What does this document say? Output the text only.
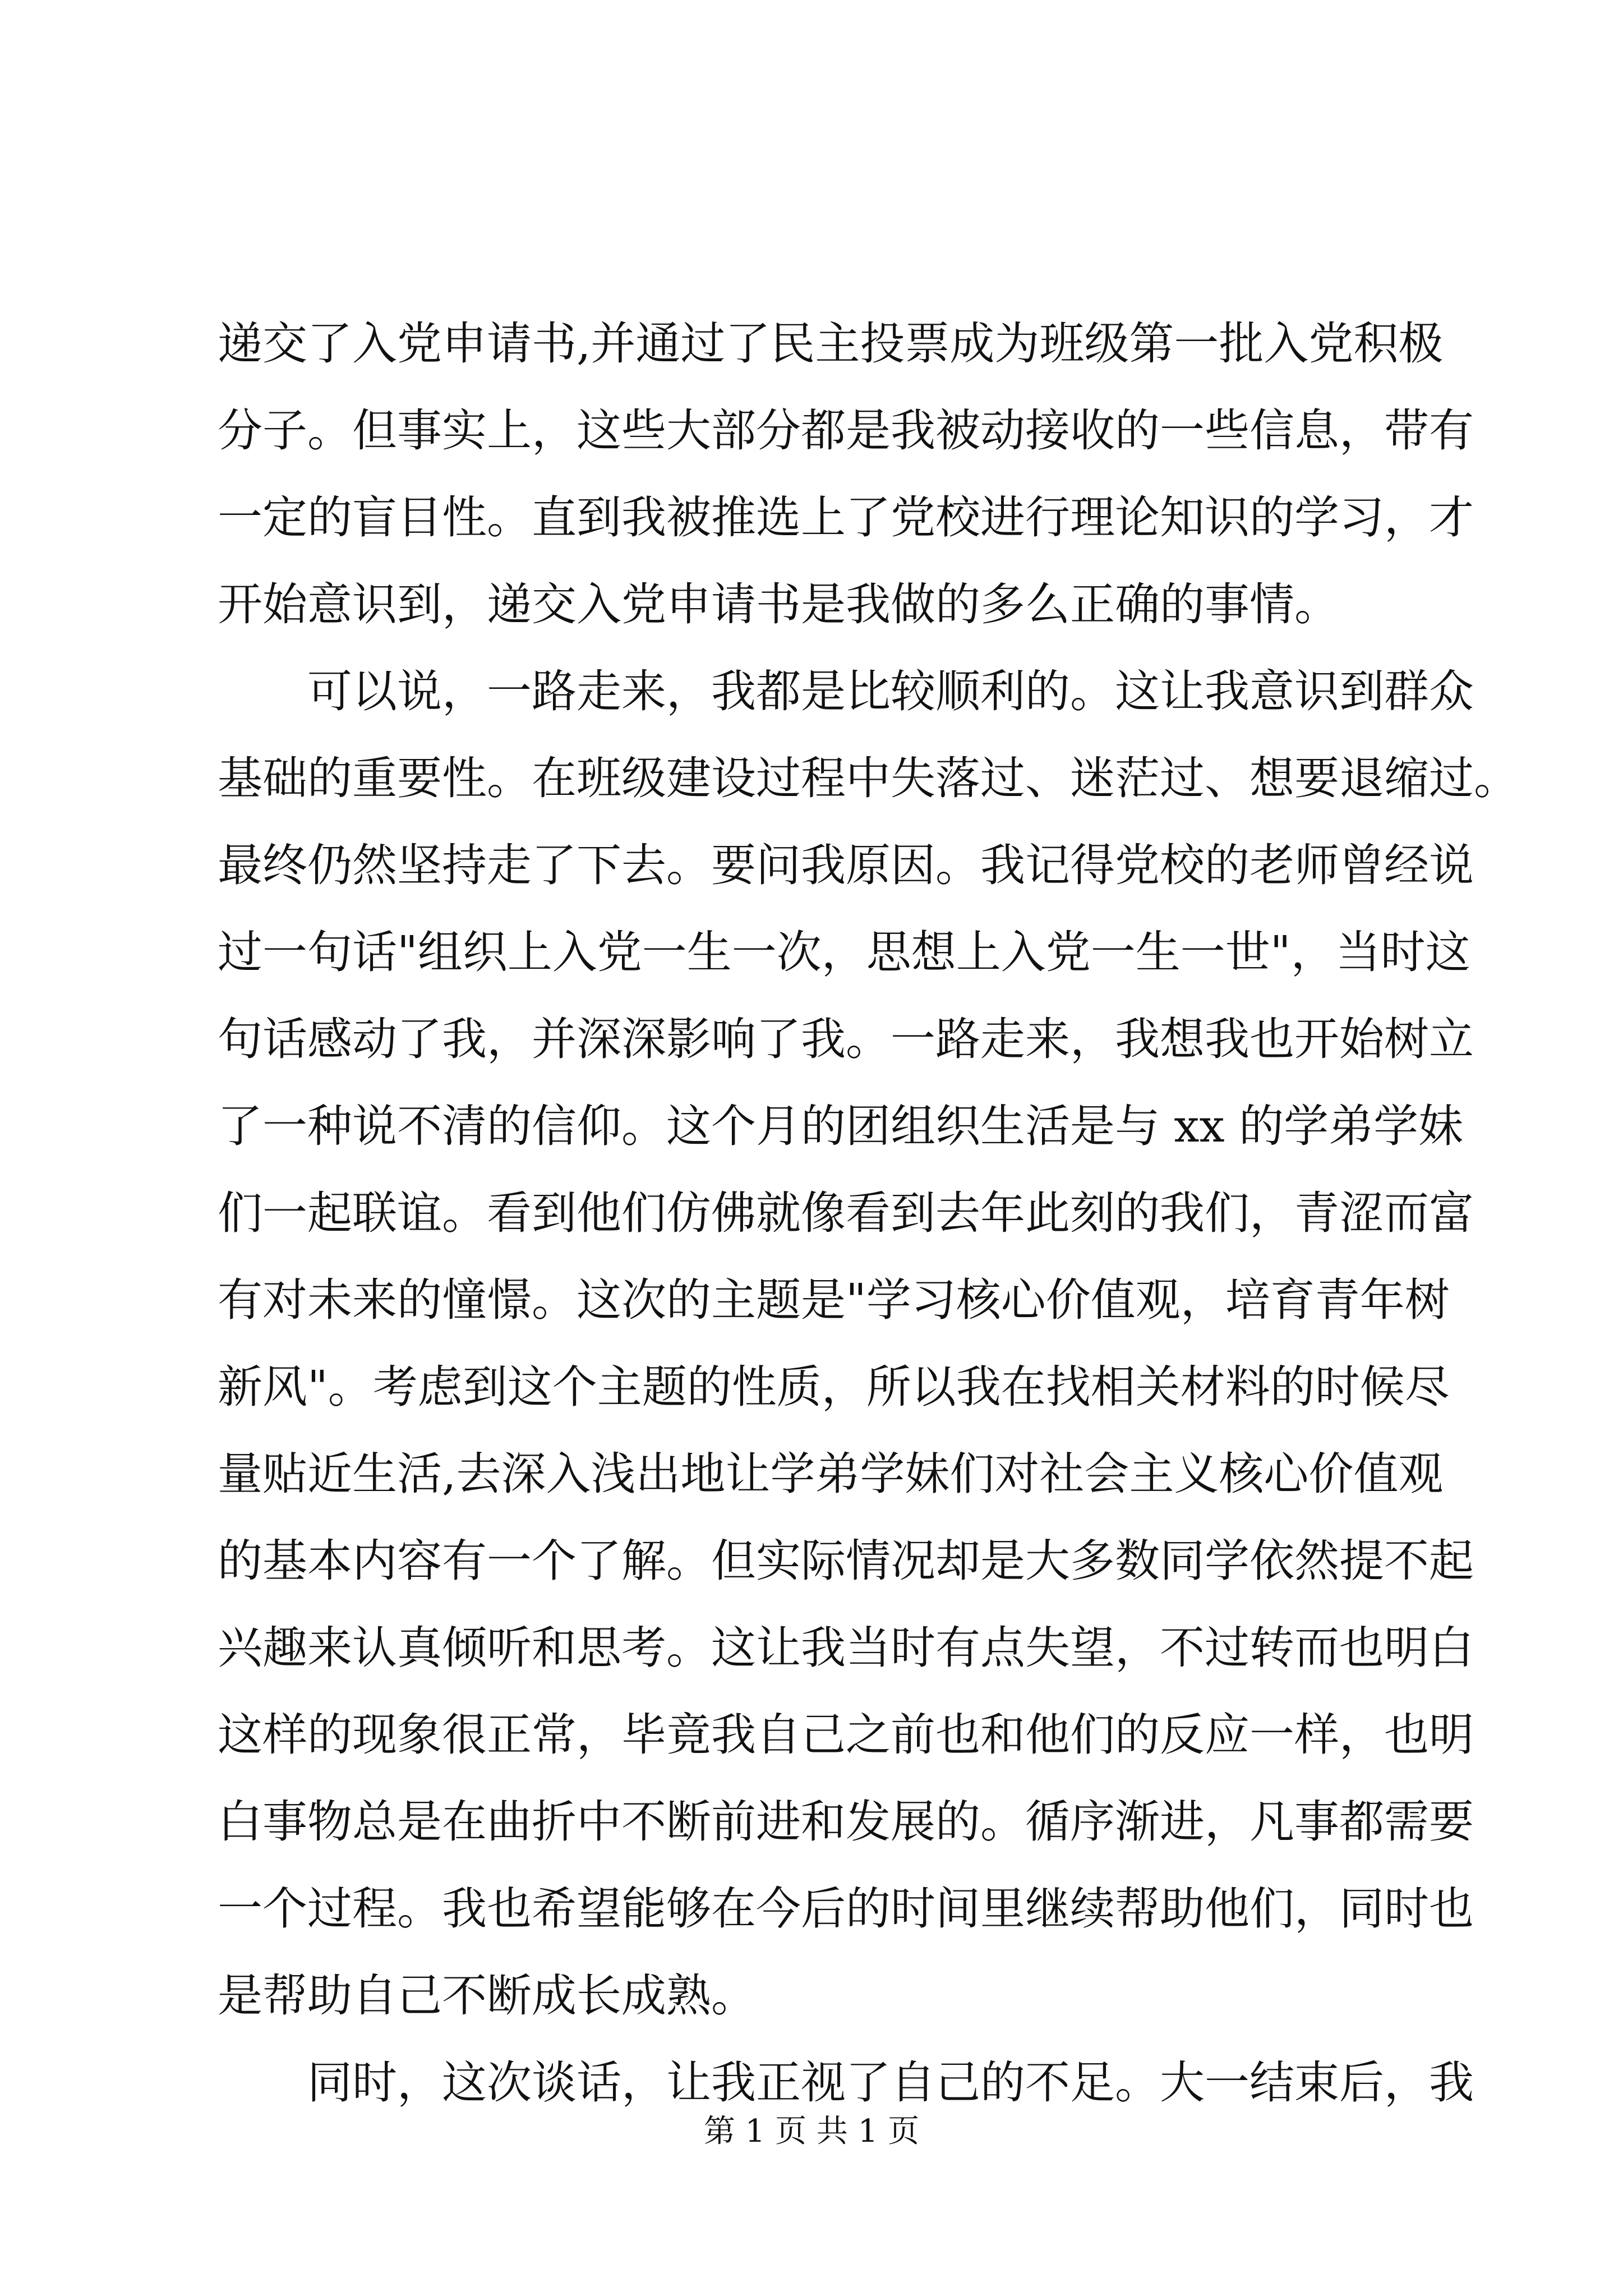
递交了入党申请书,并通过了民主投票成为班级第一批入党积极
分子。但事实上，这些大部分都是我被动接收的一些信息，带有
一定的盲目性。直到我被推选上了党校进行理论知识的学习，才
开始意识到，递交入党申请书是我做的多么正确的事情。
可以说，一路走来，我都是比较顺利的。这让我意识到群众
基础的重要性。在班级建设过程中失落过、迷茫过、想要退缩过。
最终仍然坚持走了下去。要问我原因。我记得党校的老师曾经说
过一句话"组织上入党一生一次，思想上入党一生一世"，当时这
句话感动了我，并深深影响了我。一路走来，我想我也开始树立
了一种说不清的信仰。这个月的团组织生活是与 xx 的学弟学妹
们一起联谊。看到他们仿佛就像看到去年此刻的我们，青涩而富
有对未来的憧憬。这次的主题是"学习核心价值观，培育青年树
新风"。考虑到这个主题的性质，所以我在找相关材料的时候尽
量贴近生活,去深入浅出地让学弟学妹们对社会主义核心价值观
的基本内容有一个了解。但实际情况却是大多数同学依然提不起
兴趣来认真倾听和思考。这让我当时有点失望，不过转而也明白
这样的现象很正常，毕竟我自己之前也和他们的反应一样，也明
白事物总是在曲折中不断前进和发展的。循序渐进，凡事都需要
一个过程。我也希望能够在今后的时间里继续帮助他们，同时也
是帮助自己不断成长成熟。
同时，这次谈话，让我正视了自己的不足。大一结束后，我
第 1 页 共 1 页
